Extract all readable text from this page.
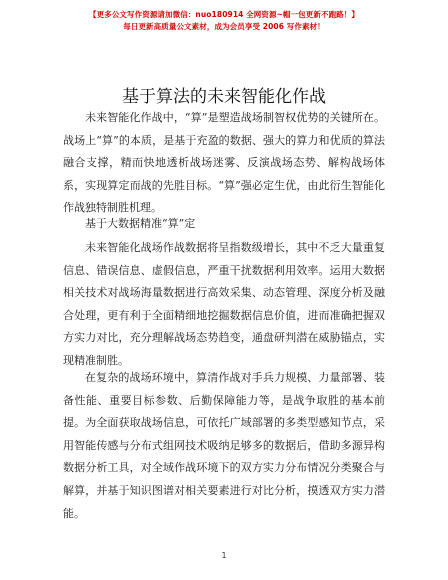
【更多公文写作资源请加微信：nuo180914 全网资源~帽一包更新不跑路！】
每日更新高质量公文素材，成为会员享受 2006 写作素材！
基于算法的未来智能化作战

未来智能化作战中，“算”是塑造战场制智权优势的关键所在。战场上“算”的本质，是基于充盈的数据、强大的算力和优质的算法融合支撑，精而快地透析战场迷雾、反演战场态势、解构战场体系，实现算定而战的先胜目标。“算”强必定生优，由此衍生智能化作战独特制胜机理。

基于大数据精准“算”定

未来智能化战场作战数据将呈指数级增长，其中不乏大量重复信息、错误信息、虚假信息，严重干扰数据利用效率。运用大数据相关技术对战场海量数据进行高效采集、动态管理、深度分析及融合处理，更有利于全面精细地挖掘数据信息价值，进而准确把握双方实力对比，充分理解战场态势趋变，通盘研判潜在威胁锚点，实现精准制胜。

在复杂的战场环境中，算清作战对手兵力规模、力量部署、装备性能、重要目标参数、后勤保障能力等，是战争取胜的基本前提。为全面获取战场信息，可依托广域部署的多类型感知节点，采用智能传感与分布式组网技术吸纳足够多的数据后，借助多源异构数据分析工具，对全域作战环境下的双方实力分布情况分类聚合与解算，并基于知识图谱对相关要素进行对比分析，摸透双方实力潜能。

1
